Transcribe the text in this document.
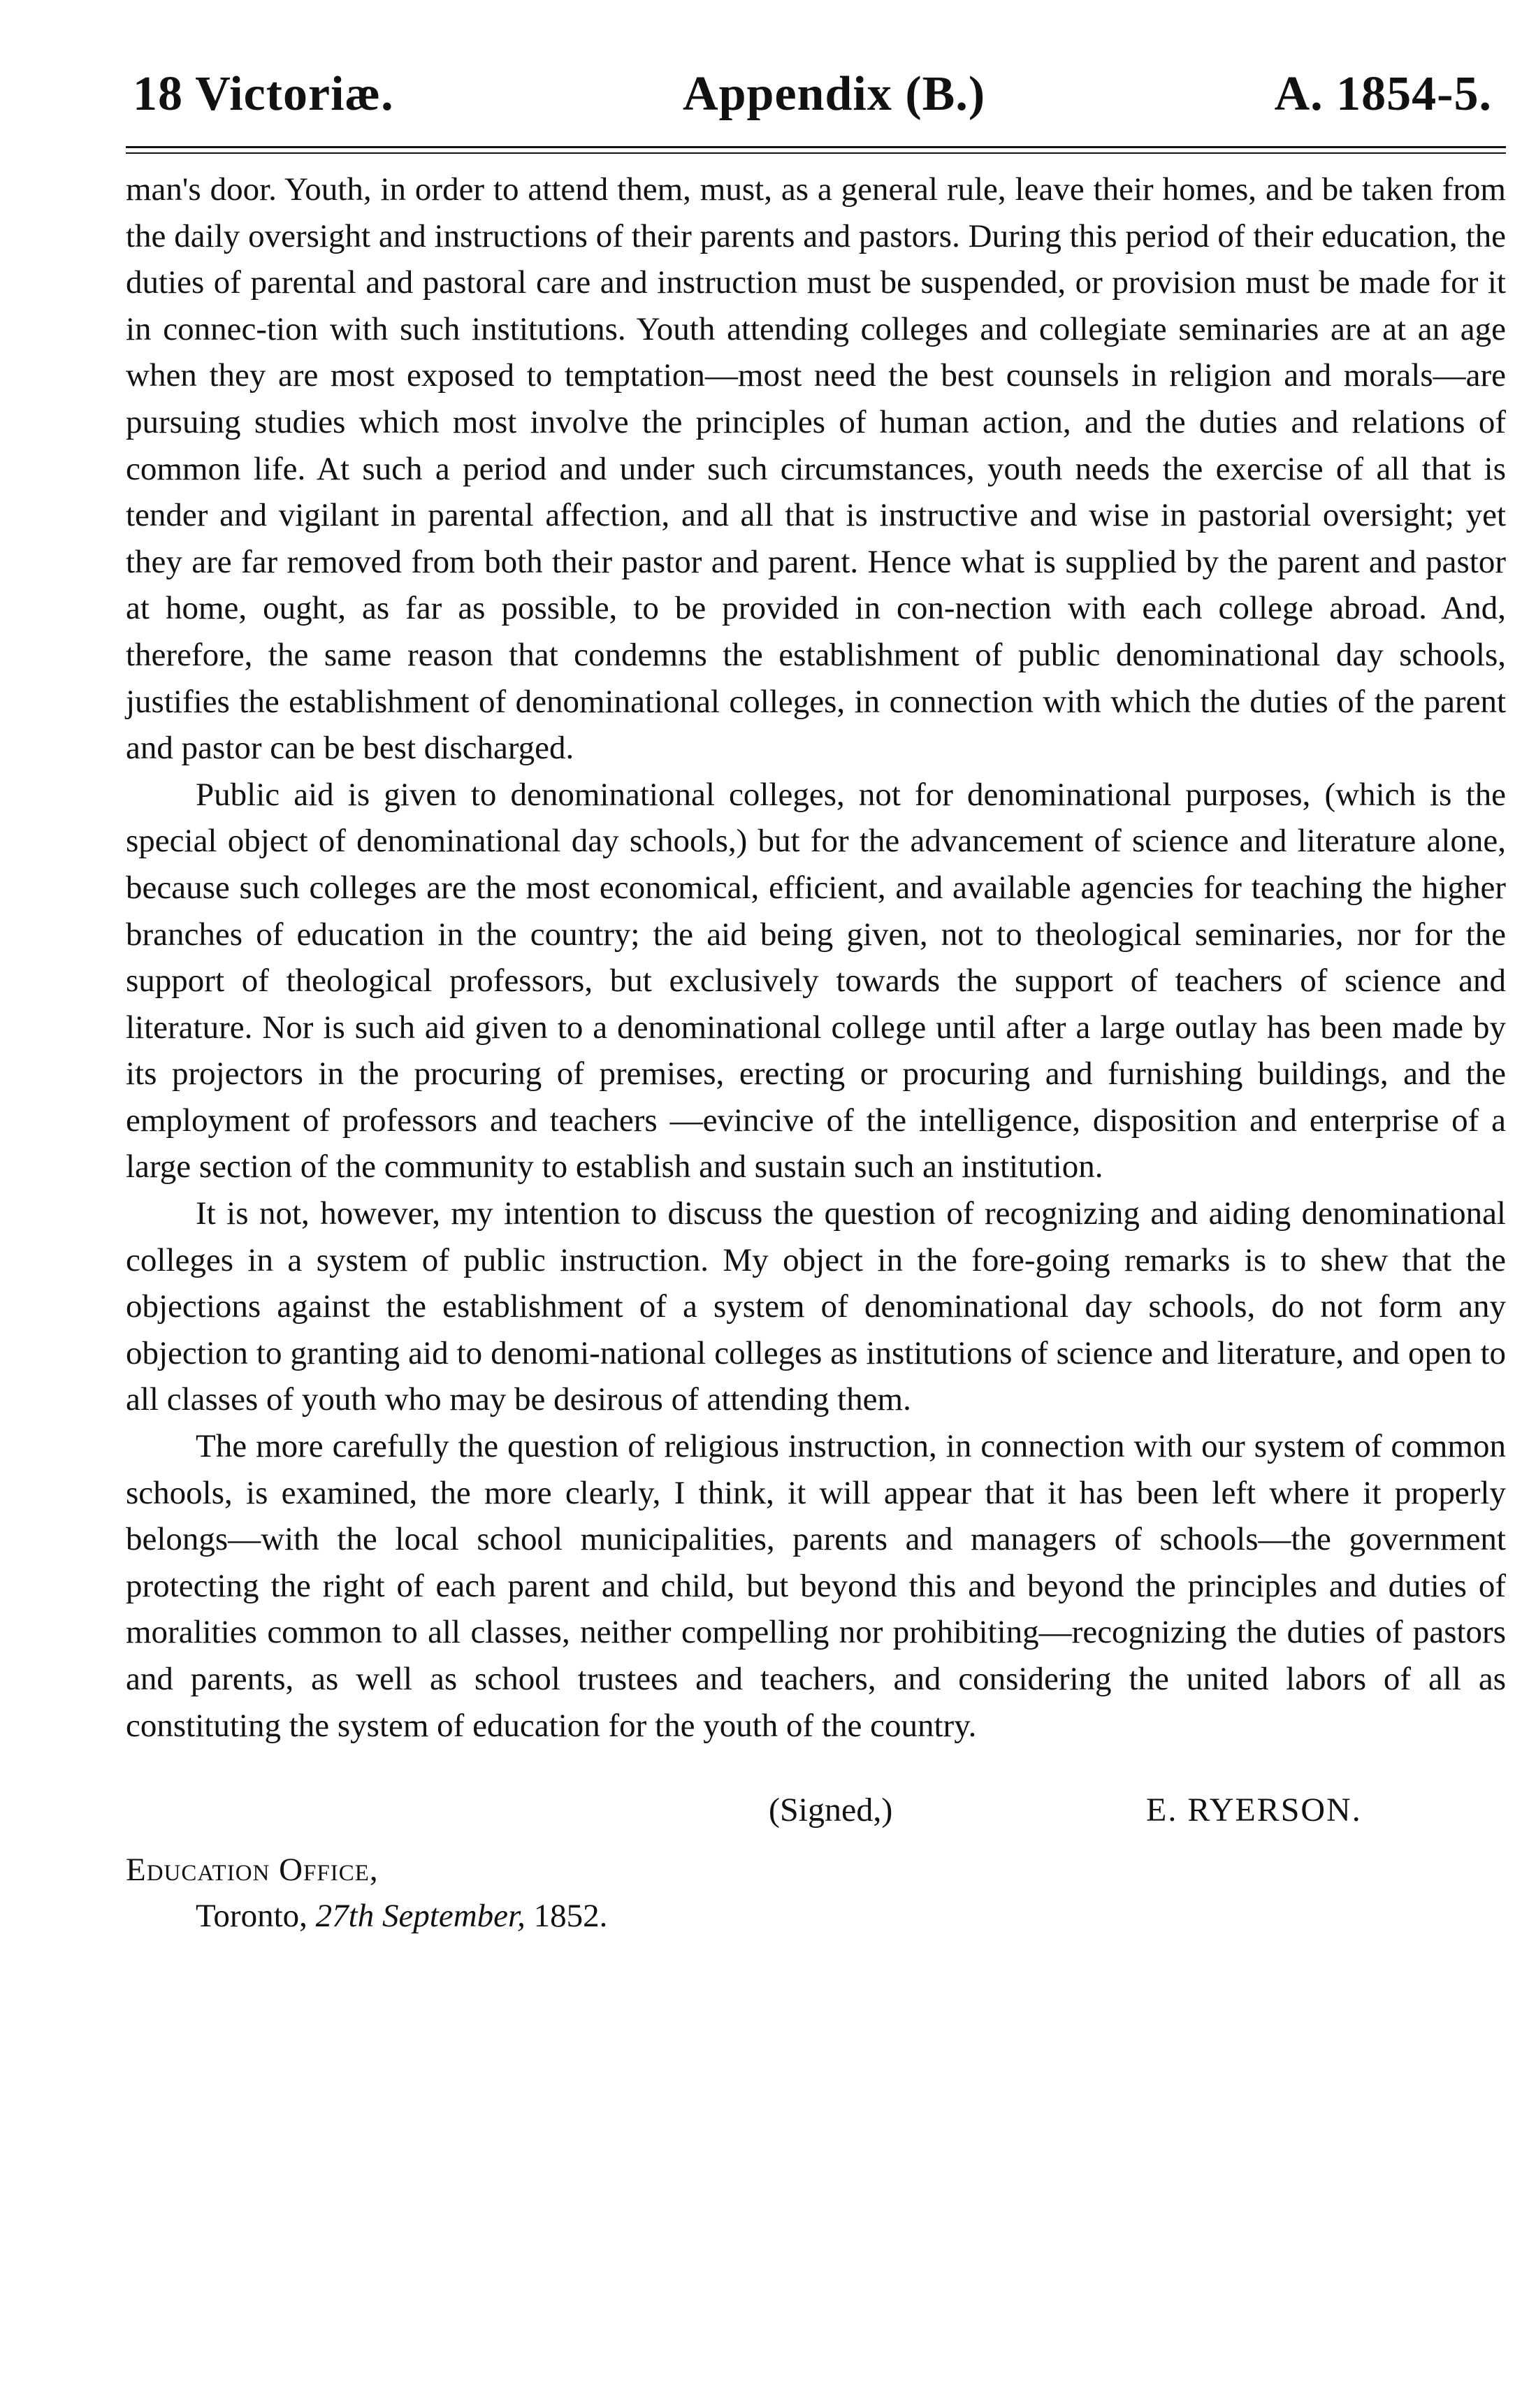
18 Victoriæ.	Appendix (B.)	A. 1854-5.

man's door. Youth, in order to attend them, must, as a general rule, leave their homes, and be taken from the daily oversight and instructions of their parents and pastors. During this period of their education, the duties of parental and pastoral care and instruction must be suspended, or provision must be made for it in connec-tion with such institutions. Youth attending colleges and collegiate seminaries are at an age when they are most exposed to temptation—most need the best counsels in religion and morals—are pursuing studies which most involve the principles of human action, and the duties and relations of common life. At such a period and under such circumstances, youth needs the exercise of all that is tender and vigilant in parental affection, and all that is instructive and wise in pastorial oversight; yet they are far removed from both their pastor and parent. Hence what is supplied by the parent and pastor at home, ought, as far as possible, to be provided in con-nection with each college abroad. And, therefore, the same reason that condemns the establishment of public denominational day schools, justifies the establishment of denominational colleges, in connection with which the duties of the parent and pastor can be best discharged.

Public aid is given to denominational colleges, not for denominational purposes, (which is the special object of denominational day schools,) but for the advancement of science and literature alone, because such colleges are the most economical, efficient, and available agencies for teaching the higher branches of education in the country; the aid being given, not to theological seminaries, nor for the support of theological professors, but exclusively towards the support of teachers of science and literature. Nor is such aid given to a denominational college until after a large outlay has been made by its projectors in the procuring of premises, erecting or procuring and furnishing buildings, and the employment of professors and teachers —evincive of the intelligence, disposition and enterprise of a large section of the community to establish and sustain such an institution.

It is not, however, my intention to discuss the question of recognizing and aiding denominational colleges in a system of public instruction. My object in the fore-going remarks is to shew that the objections against the establishment of a system of denominational day schools, do not form any objection to granting aid to denomi-national colleges as institutions of science and literature, and open to all classes of youth who may be desirous of attending them.

The more carefully the question of religious instruction, in connection with our system of common schools, is examined, the more clearly, I think, it will appear that it has been left where it properly belongs—with the local school municipalities, parents and managers of schools—the government protecting the right of each parent and child, but beyond this and beyond the principles and duties of moralities common to all classes, neither compelling nor prohibiting—recognizing the duties of pastors and parents, as well as school trustees and teachers, and considering the united labors of all as constituting the system of education for the youth of the country.

(Signed,)	E. RYERSON.
Education Office,
Toronto, 27th September, 1852.
